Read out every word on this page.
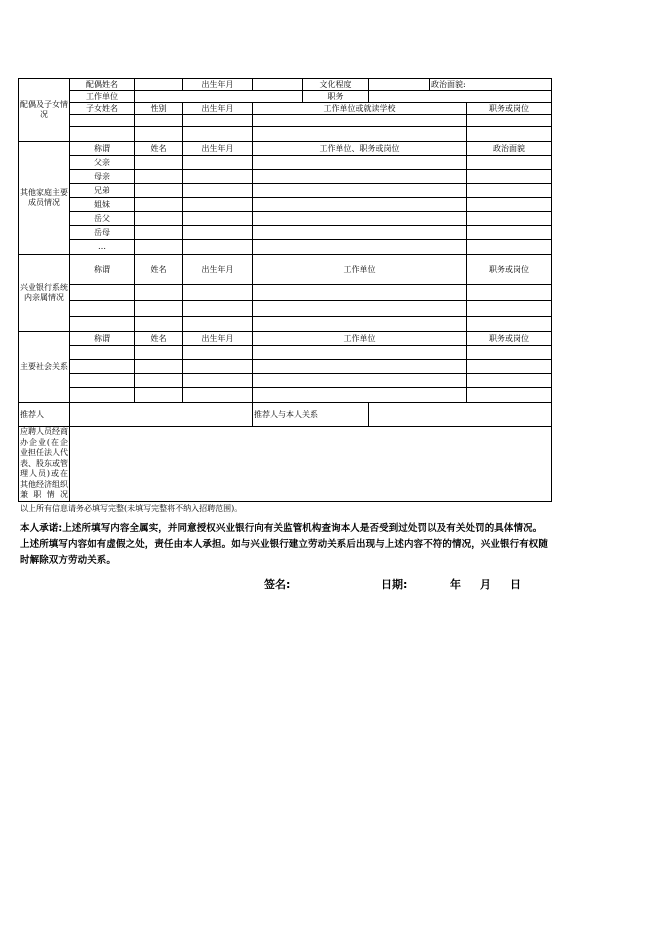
配偶及子女情况	配偶姓名		出生年月		文化程度		政治面貌:	
	工作单位				职务			
	子女姓名	性别	出生年月	工作单位或就读学校				职务或岗位

其他家庭主要成员情况	称谓	姓名	出生年月	工作单位、职务或岗位				政治面貌
	父亲							
	母亲							
	兄弟							
	姐妹							
	岳父							
	岳母							
	…							
兴业银行系统内亲属情况	称谓	姓名	出生年月	工作单位				职务或岗位

主要社会关系	称谓	姓名	出生年月	工作单位				职务或岗位

推荐人				推荐人与本人关系				
应聘人员经商办企业(在企业担任法人代表、股东或管理人员)或在其他经济组织兼职情况								
以上所有信息请务必填写完整(未填写完整将不纳入招聘范围)。
本人承诺:上述所填写内容全属实，并同意授权兴业银行向有关监管机构查询本人是否受到过处罚以及有关处罚的具体情况。上述所填写内容如有虚假之处，责任由本人承担。如与兴业银行建立劳动关系后出现与上述内容不符的情况，兴业银行有权随时解除双方劳动关系。
签名:	日期:	年 月 日
